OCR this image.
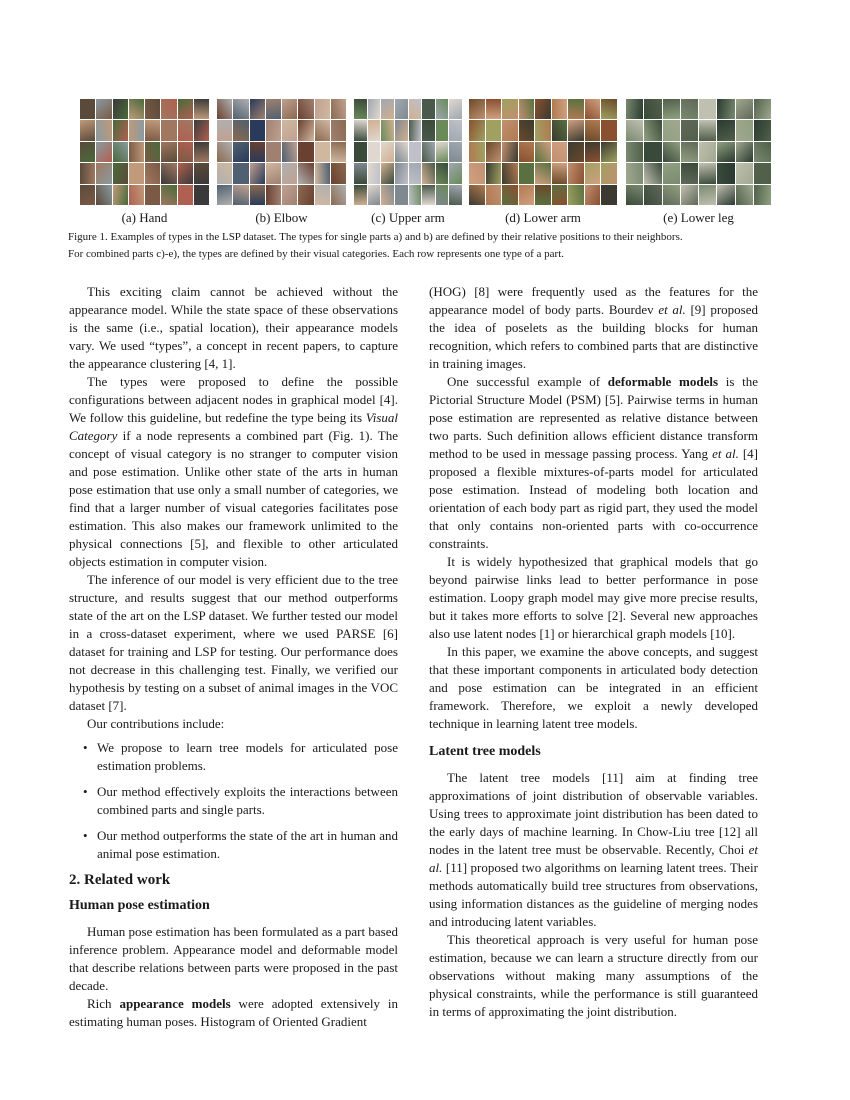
(a) Hand	(b) Elbow	(c) Upper arm	(d) Lower arm	(e) Lower leg
Figure 1. Examples of types in the LSP dataset. The types for single parts a) and b) are defined by their relative positions to their neighbors.
For combined parts c)-e), the types are defined by their visual categories. Each row represents one type of a part.

This exciting claim cannot be achieved without the appearance model. While the state space of these observations is the same (i.e., spatial location), their appearance models vary. We used “types”, a concept in recent papers, to capture the appearance clustering [4, 1].

The types were proposed to define the possible configurations between adjacent nodes in graphical model [4]. We follow this guideline, but redefine the type being its Visual Category if a node represents a combined part (Fig. 1). The concept of visual category is no stranger to computer vision and pose estimation. Unlike other state of the arts in human pose estimation that use only a small number of categories, we find that a larger number of visual categories facilitates pose estimation. This also makes our framework unlimited to the physical connections [5], and flexible to other articulated objects estimation in computer vision.

The inference of our model is very efficient due to the tree structure, and results suggest that our method outperforms state of the art on the LSP dataset. We further tested our model in a cross-dataset experiment, where we used PARSE [6] dataset for training and LSP for testing. Our performance does not decrease in this challenging test. Finally, we verified our hypothesis by testing on a subset of animal images in the VOC dataset [7].

Our contributions include:

• We propose to learn tree models for articulated pose estimation problems.
• Our method effectively exploits the interactions between combined parts and single parts.
• Our method outperforms the state of the art in human and animal pose estimation.
2. Related work
Human pose estimation

Human pose estimation has been formulated as a part based inference problem. Appearance model and deformable model that describe relations between parts were proposed in the past decade.

Rich appearance models were adopted extensively in estimating human poses. Histogram of Oriented Gradient

(HOG) [8] were frequently used as the features for the appearance model of body parts. Bourdev et al. [9] proposed the idea of poselets as the building blocks for human recognition, which refers to combined parts that are distinctive in training images.

One successful example of deformable models is the Pictorial Structure Model (PSM) [5]. Pairwise terms in human pose estimation are represented as relative distance between two parts. Such definition allows efficient distance transform method to be used in message passing process. Yang et al. [4] proposed a flexible mixtures-of-parts model for articulated pose estimation. Instead of modeling both location and orientation of each body part as rigid part, they used the model that only contains non-oriented parts with co-occurrence constraints.

It is widely hypothesized that graphical models that go beyond pairwise links lead to better performance in pose estimation. Loopy graph model may give more precise results, but it takes more efforts to solve [2]. Several new approaches also use latent nodes [1] or hierarchical graph models [10].

In this paper, we examine the above concepts, and suggest that these important components in articulated body detection and pose estimation can be integrated in an efficient framework. Therefore, we exploit a newly developed technique in learning latent tree models.

Latent tree models

The latent tree models [11] aim at finding tree approximations of joint distribution of observable variables. Using trees to approximate joint distribution has been dated to the early days of machine learning. In Chow-Liu tree [12] all nodes in the latent tree must be observable. Recently, Choi et al. [11] proposed two algorithms on learning latent trees. Their methods automatically build tree structures from observations, using information distances as the guideline of merging nodes and introducing latent variables.

This theoretical approach is very useful for human pose estimation, because we can learn a structure directly from our observations without making many assumptions of the physical constraints, while the performance is still guaranteed in terms of approximating the joint distribution.
